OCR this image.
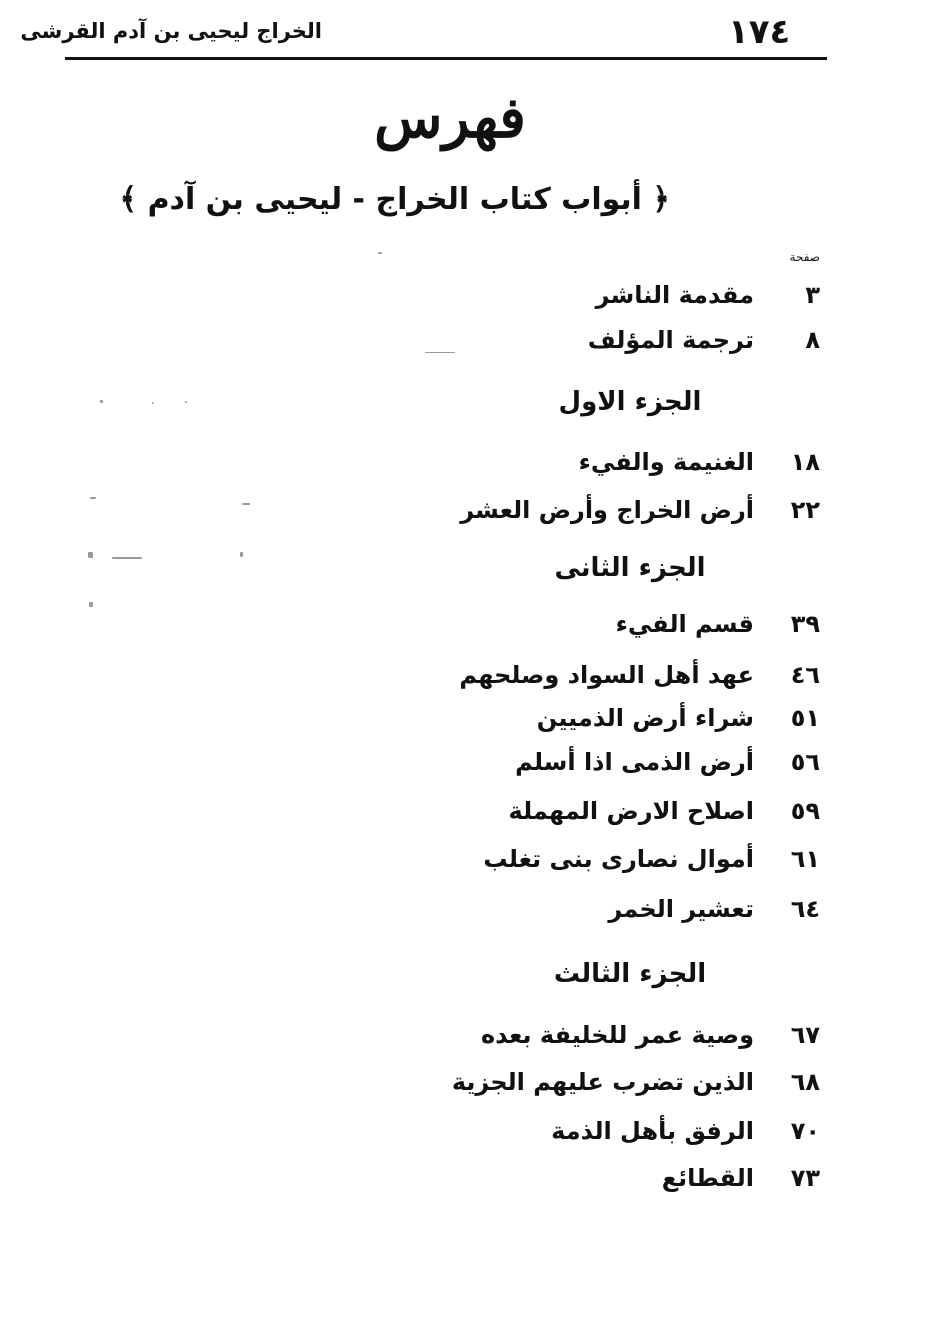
١٧٤
الخراج ليحيى بن آدم القرشى
فهرس
﴿ أبواب كتاب الخراج - ليحيى بن آدم ﴾
صفحة
٣
مقدمة الناشر
٨
ترجمة المؤلف
الجزء الاول
١٨
الغنيمة والفيء
٢٢
أرض الخراج وأرض العشر
الجزء الثانى
٣٩
قسم الفيء
٤٦
عهد أهل السواد وصلحهم
٥١
شراء أرض الذميين
٥٦
أرض الذمى اذا أسلم
٥٩
اصلاح الارض المهملة
٦١
أموال نصارى بنى تغلب
٦٤
تعشير الخمر
الجزء الثالث
٦٧
وصية عمر للخليفة بعده
٦٨
الذين تضرب عليهم الجزية
٧٠
الرفق بأهل الذمة
٧٣
القطائع
